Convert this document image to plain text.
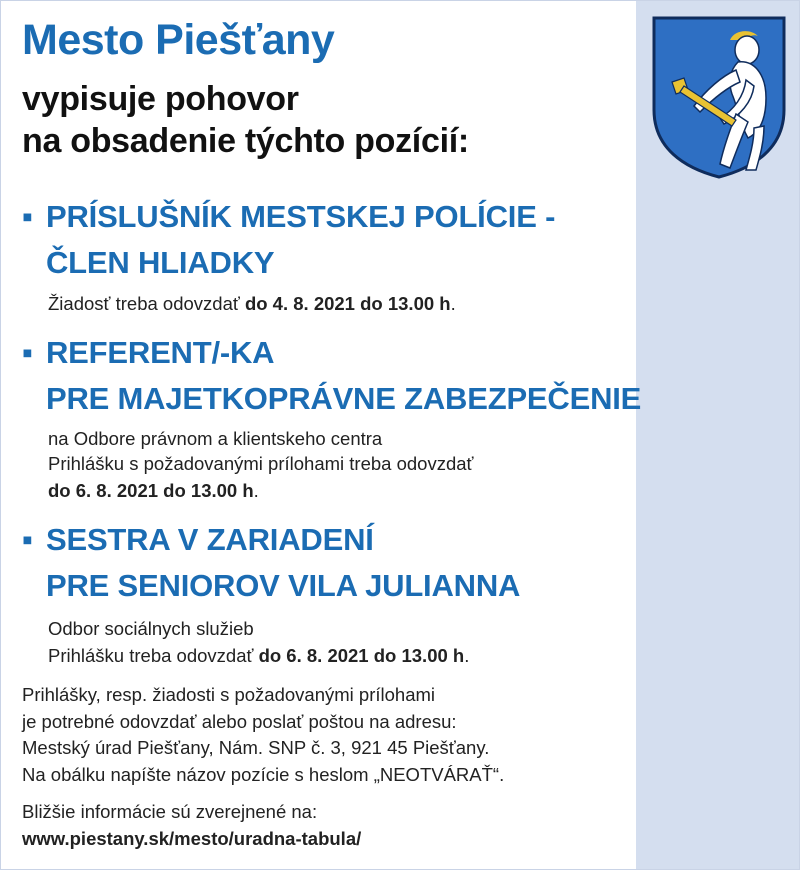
Mesto Piešťany
vypisuje pohovor
na obsadenie týchto pozícií:
▪ PRÍSLUŠNÍK MESTSKEJ POLÍCIE -
ČLEN HLIADKY
Žiadosť treba odovzdať do 4. 8. 2021 do 13.00 h.
▪ REFERENT/-KA
PRE MAJETKOPRÁVNE ZABEZPEČENIE
na Odbore právnom a klientskeho centra
Prihlášku s požadovanými prílohami treba odovzdať
do 6. 8. 2021 do 13.00 h.
▪ SESTRA V ZARIADENÍ
PRE SENIOROV VILA JULIANNA
Odbor sociálnych služieb
Prihlášku treba odovzdať do 6. 8. 2021 do 13.00 h.
Prihlášky, resp. žiadosti s požadovanými prílohami
je potrebné odovzdať alebo poslať poštou na adresu:
Mestský úrad Piešťany, Nám. SNP č. 3, 921 45 Piešťany.
Na obálku napíšte názov pozície s heslom „NEOTVÁRAŤ“.
Bližšie informácie sú zverejnené na:
www.piestany.sk/mesto/uradna-tabula/
